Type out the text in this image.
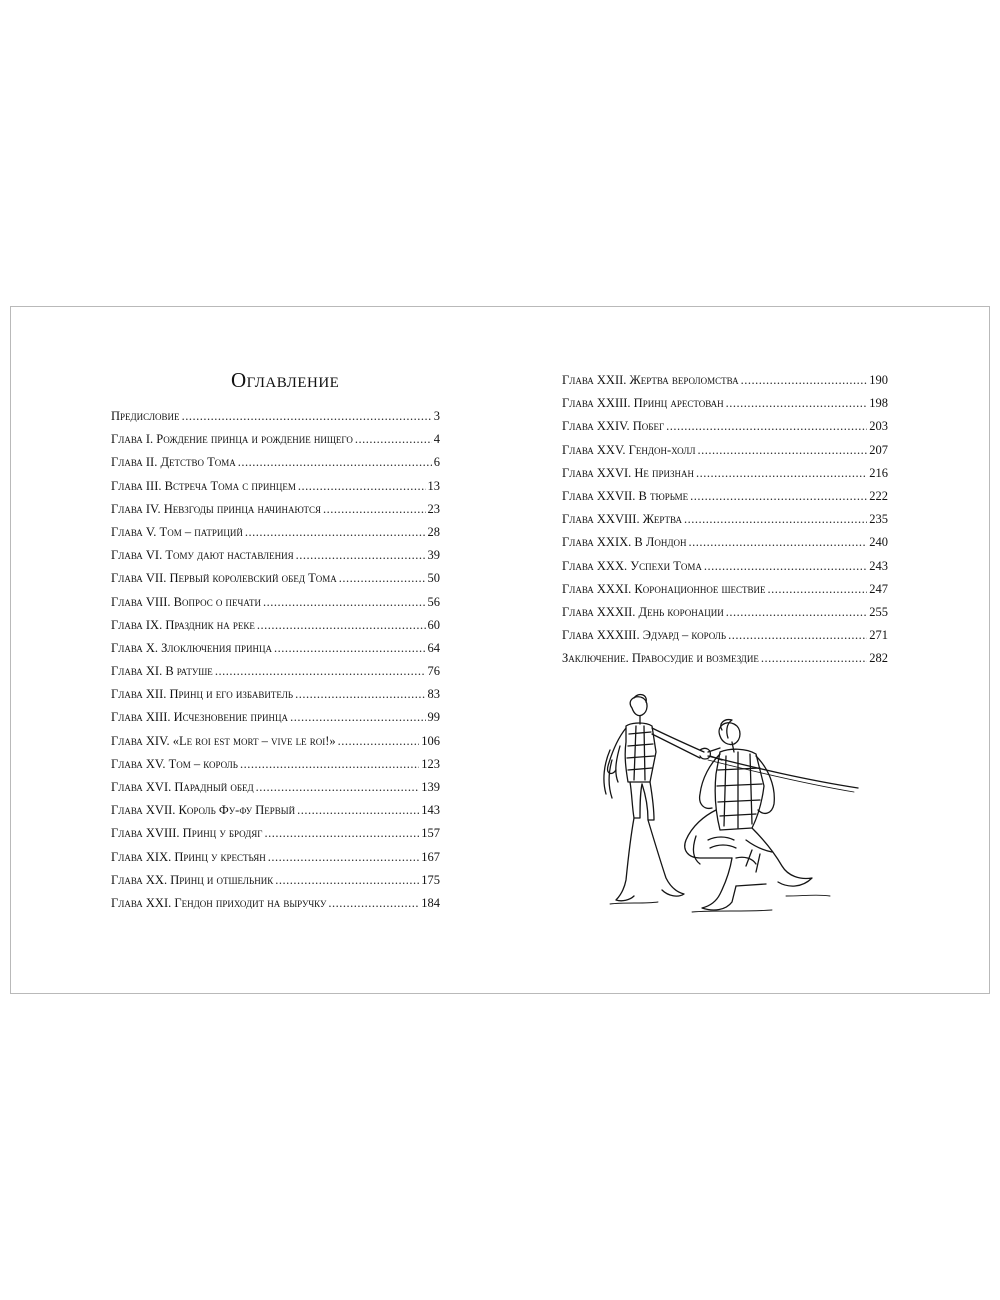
Оглавление
Предисловие .....	3
Глава I. Рождение принца и рождение нищего .....	4
Глава II. Детство Тома .....	6
Глава III. Встреча Тома с принцем .....	13
Глава IV. Невзгоды принца начинаются .....	23
Глава V. Том – патриций .....	28
Глава VI. Тому дают наставления .....	39
Глава VII. Первый королевский обед Тома .....	50
Глава VIII. Вопрос о печати .....	56
Глава IX. Праздник на реке .....	60
Глава X. Злоключения принца .....	64
Глава XI. В ратуше .....	76
Глава XII. Принц и его избавитель .....	83
Глава XIII. Исчезновение принца .....	99
Глава XIV. «Le roi est mort – vive le roi!» .....	106
Глава XV. Том – король .....	123
Глава XVI. Парадный обед .....	139
Глава XVII. Король Фу-фу Первый .....	143
Глава XVIII. Принц у бродяг .....	157
Глава XIX. Принц у крестьян .....	167
Глава XX. Принц и отшельник .....	175
Глава XXI. Гендон приходит на выручку .....	184
Глава XXII. Жертва вероломства .....	190
Глава XXIII. Принц арестован .....	198
Глава XXIV. Побег .....	203
Глава XXV. Гендон-холл .....	207
Глава XXVI. Не признан .....	216
Глава XXVII. В тюрьме .....	222
Глава XXVIII. Жертва .....	235
Глава XXIX. В Лондон .....	240
Глава XXX. Успехи Тома .....	243
Глава XXXI. Коронационное шествие .....	247
Глава XXXII. День коронации .....	255
Глава XXXIII. Эдуард – король .....	271
Заключение. Правосудие и возмездие .....	282
